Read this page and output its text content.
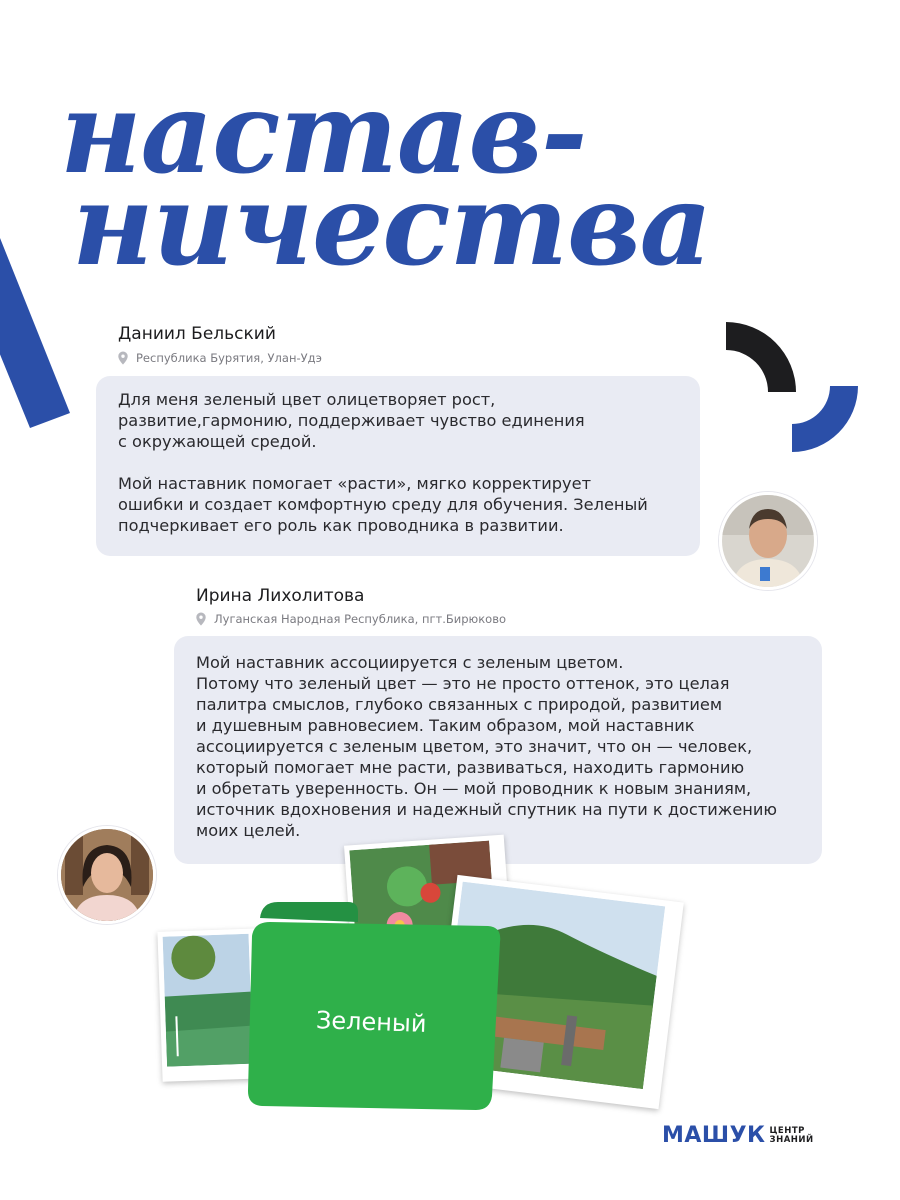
настав-
ничества
Даниил Бельский
Республика Бурятия, Улан-Удэ

Для меня зеленый цвет олицетворяет рост,
развитие,гармонию, поддерживает чувство единения
с окружающей средой.

Мой наставник помогает «расти», мягко корректирует
ошибки и создает комфортную среду для обучения. Зеленый
подчеркивает его роль как проводника в развитии.

Ирина Лихолитова
Луганская Народная Республика, пгт.Бирюково

Мой наставник ассоциируется с зеленым цветом.
Потому что зеленый цвет — это не просто оттенок, это целая
палитра смыслов, глубоко связанных с природой, развитием
и душевным равновесием. Таким образом, мой наставник
ассоциируется с зеленым цветом, это значит, что он — человек,
который помогает мне расти, развиваться, находить гармонию
и обретать уверенность. Он — мой проводник к новым знаниям,
источник вдохновения и надежный спутник на пути к достижению
моих целей.

Зеленый
МАШУК ЦЕНТР
ЗНАНИЙ
